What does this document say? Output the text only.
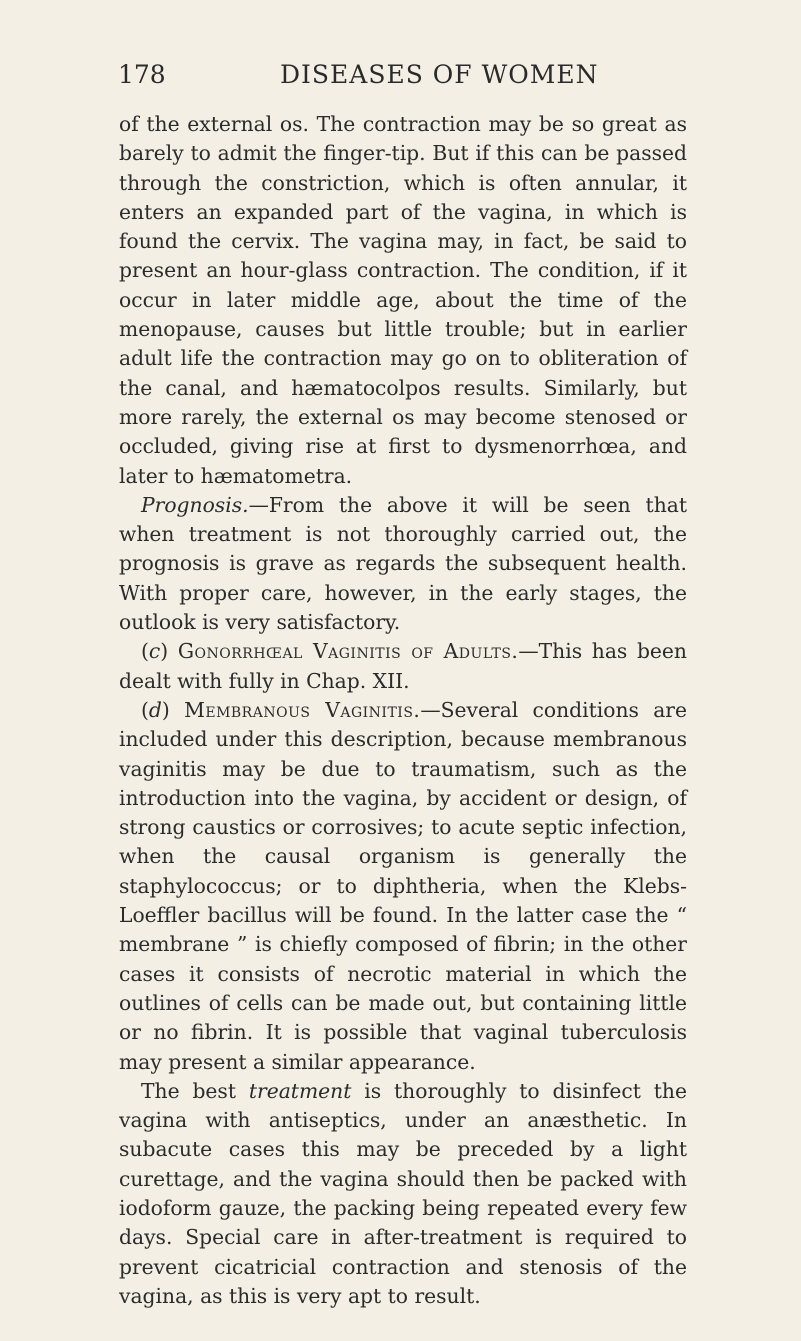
178	DISEASES OF WOMEN

of the external os. The contraction may be so great as barely to admit the finger-tip. But if this can be passed through the constriction, which is often annular, it enters an expanded part of the vagina, in which is found the cervix. The vagina may, in fact, be said to present an hour-glass contraction. The condition, if it occur in later middle age, about the time of the menopause, causes but little trouble; but in earlier adult life the contraction may go on to obliteration of the canal, and hæmatocolpos results. Similarly, but more rarely, the external os may become stenosed or occluded, giving rise at first to dysmenorrhœa, and later to hæmatometra.

Prognosis.—From the above it will be seen that when treatment is not thoroughly carried out, the prognosis is grave as regards the subsequent health. With proper care, however, in the early stages, the outlook is very satisfactory.

(c) Gonorrhœal Vaginitis of Adults.—This has been dealt with fully in Chap. XII.

(d) Membranous Vaginitis.—Several conditions are included under this description, because membranous vaginitis may be due to traumatism, such as the introduction into the vagina, by accident or design, of strong caustics or corrosives; to acute septic infection, when the causal organism is generally the staphylococcus; or to diphtheria, when the Klebs-Loeffler bacillus will be found. In the latter case the “ membrane ” is chiefly composed of fibrin; in the other cases it consists of necrotic material in which the outlines of cells can be made out, but containing little or no fibrin. It is possible that vaginal tuberculosis may present a similar appearance.

The best treatment is thoroughly to disinfect the vagina with antiseptics, under an anæsthetic. In subacute cases this may be preceded by a light curettage, and the vagina should then be packed with iodoform gauze, the packing being repeated every few days. Special care in after-treatment is required to prevent cicatricial contraction and stenosis of the vagina, as this is very apt to result.
